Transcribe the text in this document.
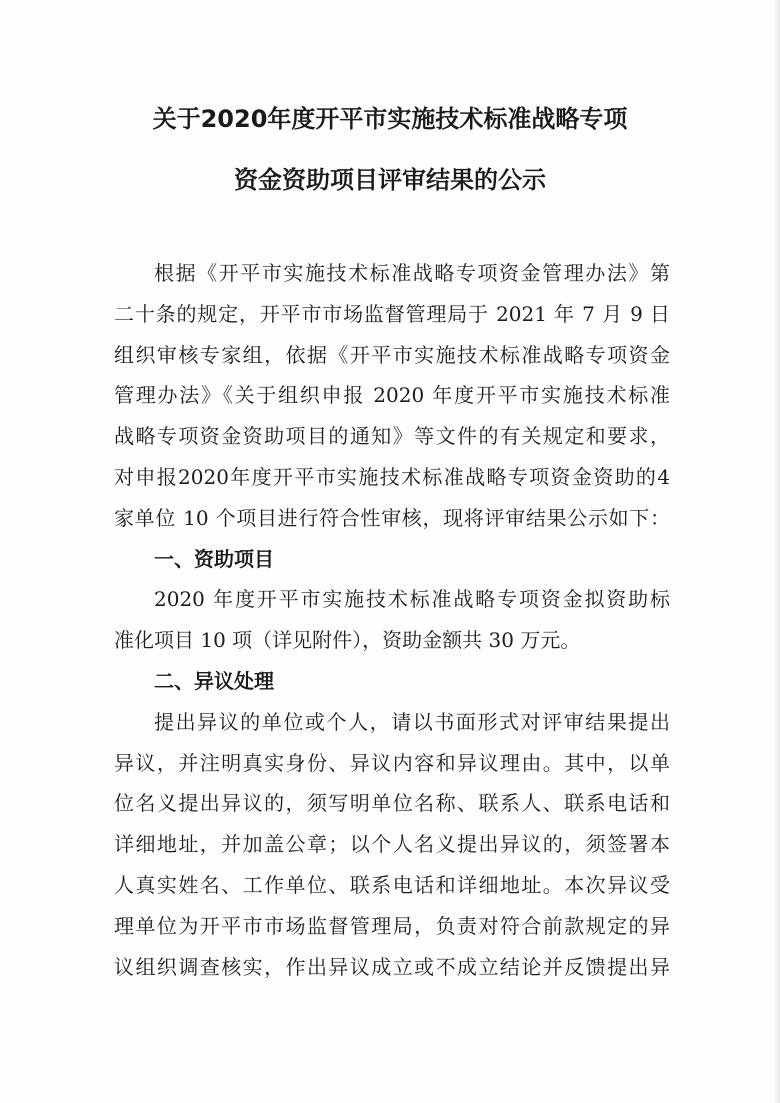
关于2020年度开平市实施技术标准战略专项
资金资助项目评审结果的公示
根据《开平市实施技术标准战略专项资金管理办法》第
二十条的规定，开平市市场监督管理局于 2021 年 7 月 9 日
组织审核专家组，依据《开平市实施技术标准战略专项资金
管理办法》《关于组织申报 2020 年度开平市实施技术标准
战略专项资金资助项目的通知》等文件的有关规定和要求，
对申报2020年度开平市实施技术标准战略专项资金资助的4
家单位 10 个项目进行符合性审核，现将评审结果公示如下：
一、资助项目
2020 年度开平市实施技术标准战略专项资金拟资助标
准化项目 10 项（详见附件），资助金额共 30 万元。
二、异议处理
提出异议的单位或个人，请以书面形式对评审结果提出
异议，并注明真实身份、异议内容和异议理由。其中，以单
位名义提出异议的，须写明单位名称、联系人、联系电话和
详细地址，并加盖公章；以个人名义提出异议的，须签署本
人真实姓名、工作单位、联系电话和详细地址。本次异议受
理单位为开平市市场监督管理局，负责对符合前款规定的异
议组织调查核实，作出异议成立或不成立结论并反馈提出异
